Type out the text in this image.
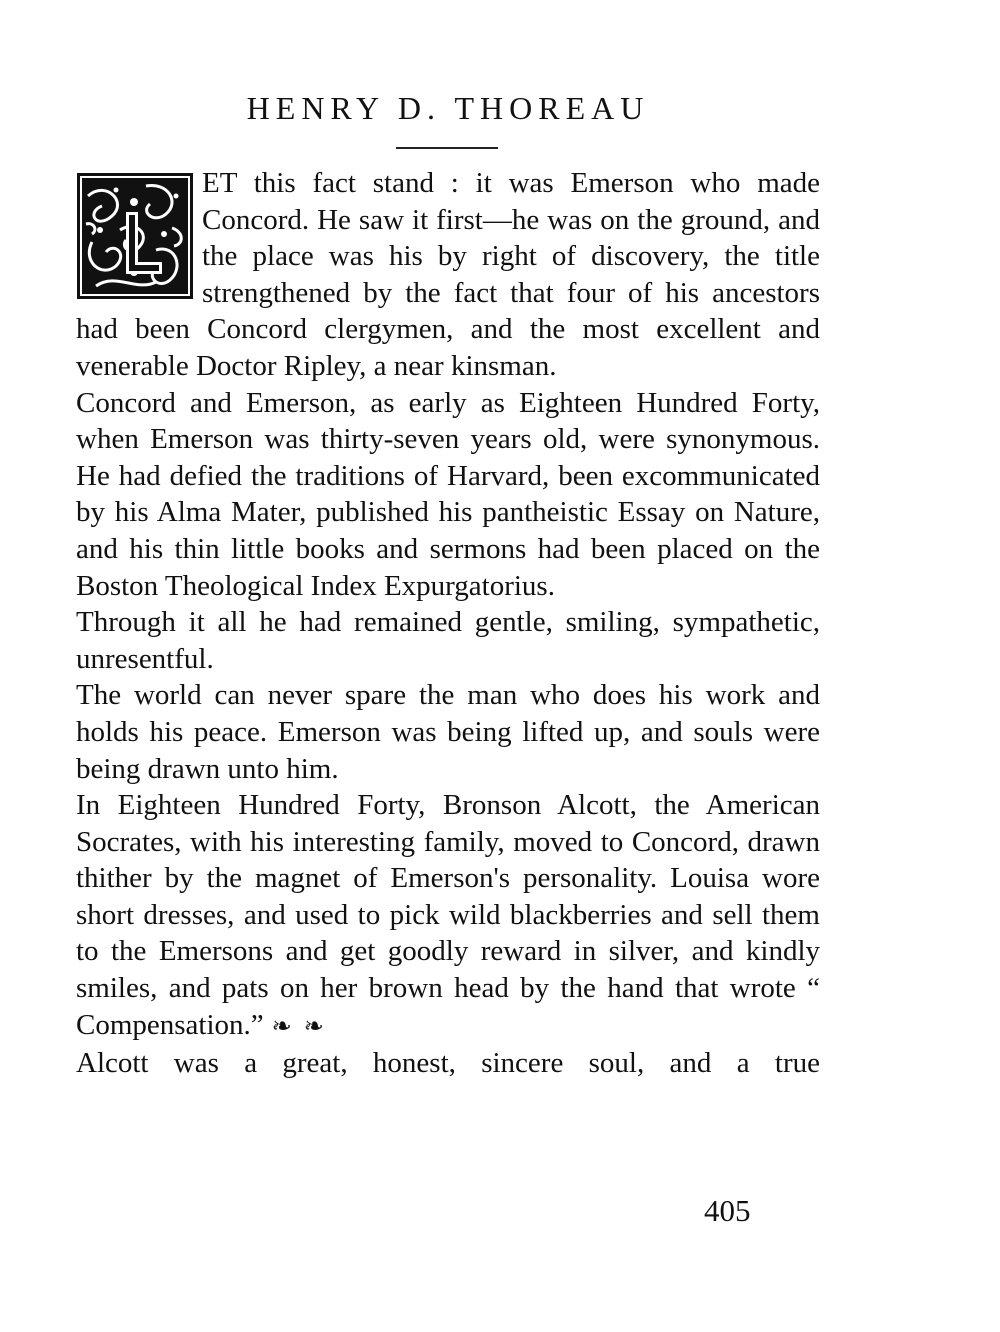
HENRY D. THOREAU

ET this fact stand : it was Emerson who made Concord. He saw it first—he was on the ground, and the place was his by right of discovery, the title strengthened by the fact that four of his ancestors had been Concord clergymen, and the most excellent and venerable Doctor Ripley, a near kinsman.

Concord and Emerson, as early as Eighteen Hundred Forty, when Emerson was thirty-seven years old, were synonymous. He had defied the traditions of Harvard, been excommunicated by his Alma Mater, published his pantheistic Essay on Nature, and his thin little books and sermons had been placed on the Boston Theological Index Expurgatorius.

Through it all he had remained gentle, smiling, sympathetic, unresentful.

The world can never spare the man who does his work and holds his peace. Emerson was being lifted up, and souls were being drawn unto him.

In Eighteen Hundred Forty, Bronson Alcott, the American Socrates, with his interesting family, moved to Concord, drawn thither by the magnet of Emerson's personality. Louisa wore short dresses, and used to pick wild blackberries and sell them to the Emersons and get goodly reward in silver, and kindly smiles, and pats on her brown head by the hand that wrote “ Compensation.” ❧ ❧

Alcott was a great, honest, sincere soul, and a true

405
